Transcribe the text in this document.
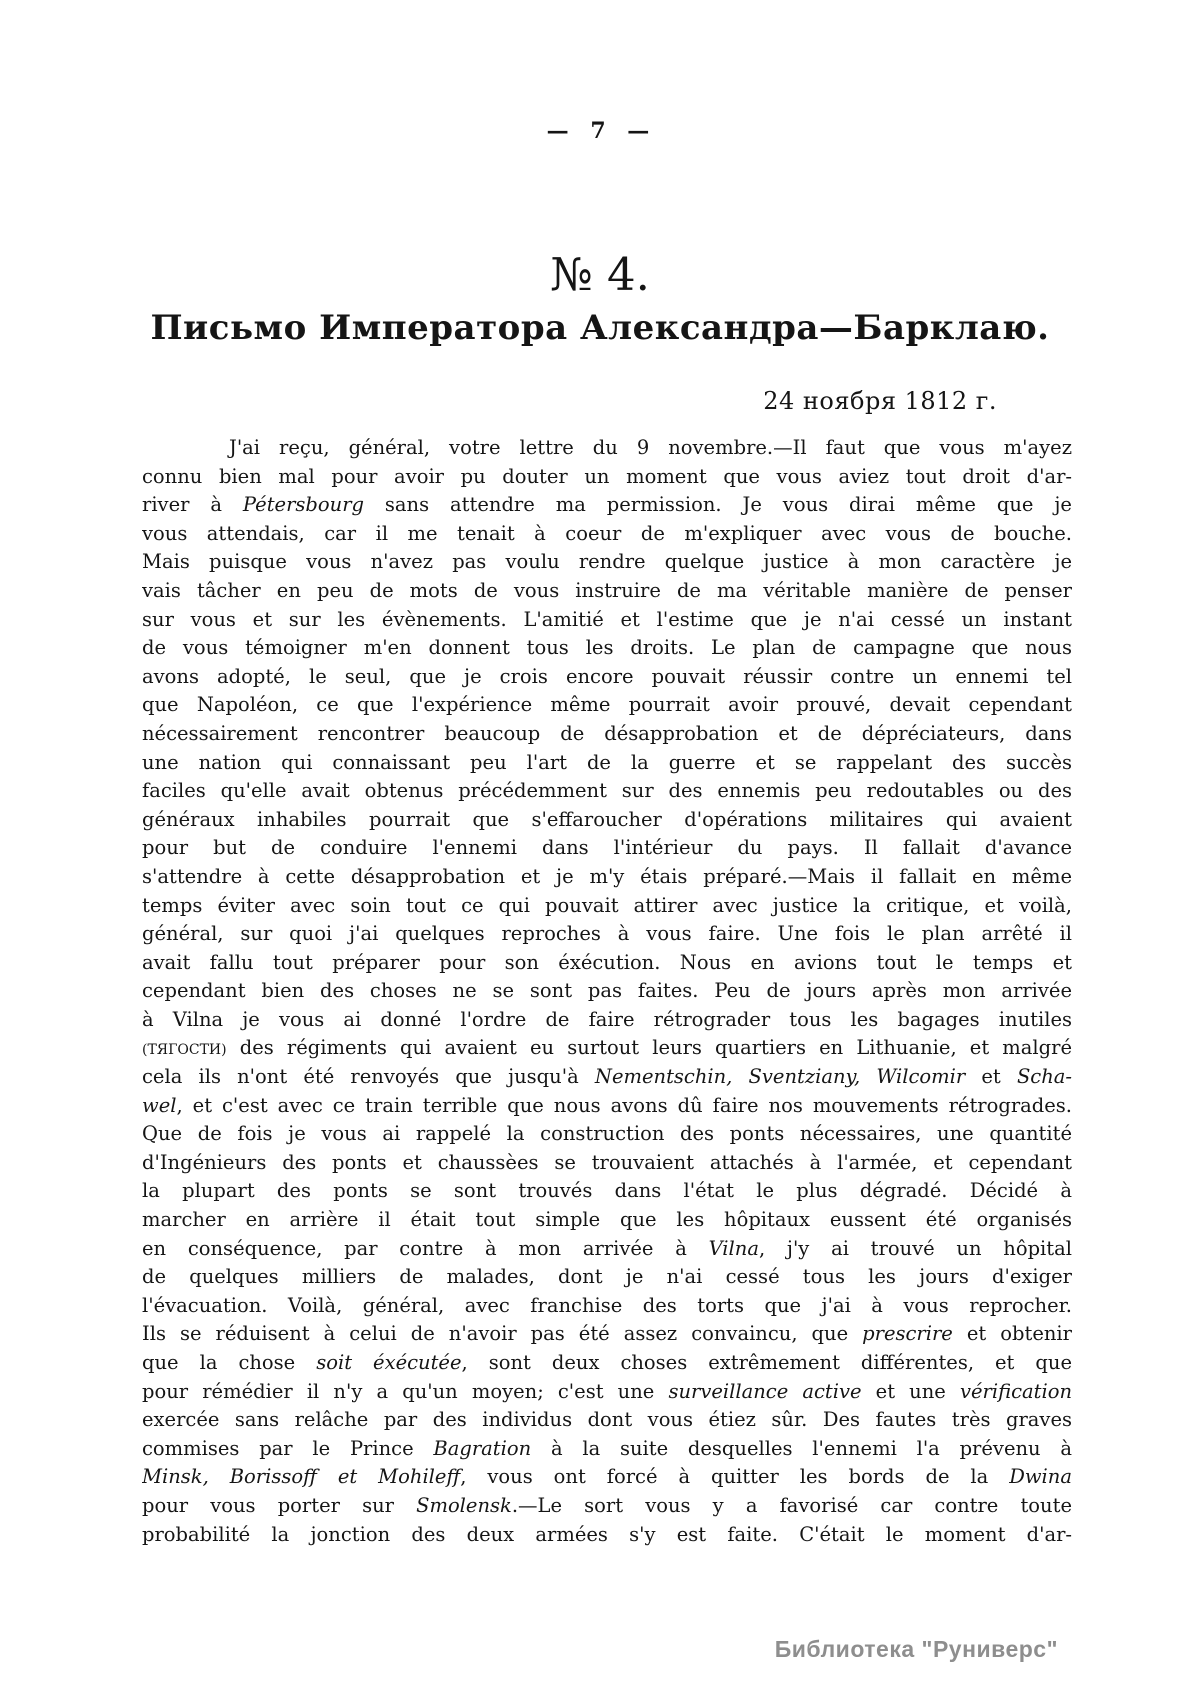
— 7 —
№ 4.
Письмо Императора Александра—Барклаю.
24 ноября 1812 г.
J'ai reçu, général, votre lettre du 9 novembre.—Il faut que vous m'ayez
connu bien mal pour avoir pu douter un moment que vous aviez tout droit d'ar-
river à Pétersbourg sans attendre ma permission. Je vous dirai même que je
vous attendais, car il me tenait à coeur de m'expliquer avec vous de bouche.
Mais puisque vous n'avez pas voulu rendre quelque justice à mon caractère je
vais tâcher en peu de mots de vous instruire de ma véritable manière de penser
sur vous et sur les évènements. L'amitié et l'estime que je n'ai cessé un instant
de vous témoigner m'en donnent tous les droits. Le plan de campagne que nous
avons adopté, le seul, que je crois encore pouvait réussir contre un ennemi tel
que Napoléon, ce que l'expérience même pourrait avoir prouvé, devait cependant
nécessairement rencontrer beaucoup de désapprobation et de dépréciateurs, dans
une nation qui connaissant peu l'art de la guerre et se rappelant des succès
faciles qu'elle avait obtenus précédemment sur des ennemis peu redoutables ou des
généraux inhabiles pourrait que s'effaroucher d'opérations militaires qui avaient
pour but de conduire l'ennemi dans l'intérieur du pays. Il fallait d'avance
s'attendre à cette désapprobation et je m'y étais préparé.—Mais il fallait en même
temps éviter avec soin tout ce qui pouvait attirer avec justice la critique, et voilà,
général, sur quoi j'ai quelques reproches à vous faire. Une fois le plan arrêté il
avait fallu tout préparer pour son éxécution. Nous en avions tout le temps et
cependant bien des choses ne se sont pas faites. Peu de jours après mon arrivée
à Vilna je vous ai donné l'ordre de faire rétrograder tous les bagages inutiles
(тягости) des régiments qui avaient eu surtout leurs quartiers en Lithuanie, et malgré
cela ils n'ont été renvoyés que jusqu'à Nementschin, Sventziany, Wilcomir et Scha-
wel, et c'est avec ce train terrible que nous avons dû faire nos mouvements rétrogrades.
Que de fois je vous ai rappelé la construction des ponts nécessaires, une quantité
d'Ingénieurs des ponts et chaussèes se trouvaient attachés à l'armée, et cependant
la plupart des ponts se sont trouvés dans l'état le plus dégradé. Décidé à
marcher en arrière il était tout simple que les hôpitaux eussent été organisés
en conséquence, par contre à mon arrivée à Vilna, j'y ai trouvé un hôpital
de quelques milliers de malades, dont je n'ai cessé tous les jours d'exiger
l'évacuation. Voilà, général, avec franchise des torts que j'ai à vous reprocher.
Ils se réduisent à celui de n'avoir pas été assez convaincu, que prescrire et obtenir
que la chose soit éxécutée, sont deux choses extrêmement différentes, et que
pour rémédier il n'y a qu'un moyen; c'est une surveillance active et une vérification
exercée sans relâche par des individus dont vous étiez sûr. Des fautes très graves
commises par le Prince Bagration à la suite desquelles l'ennemi l'a prévenu à
Minsk, Borissoff et Mohileff, vous ont forcé à quitter les bords de la Dwina
pour vous porter sur Smolensk.—Le sort vous y a favorisé car contre toute
probabilité la jonction des deux armées s'y est faite. C'était le moment d'ar-
Библиотека "Руниверс"
